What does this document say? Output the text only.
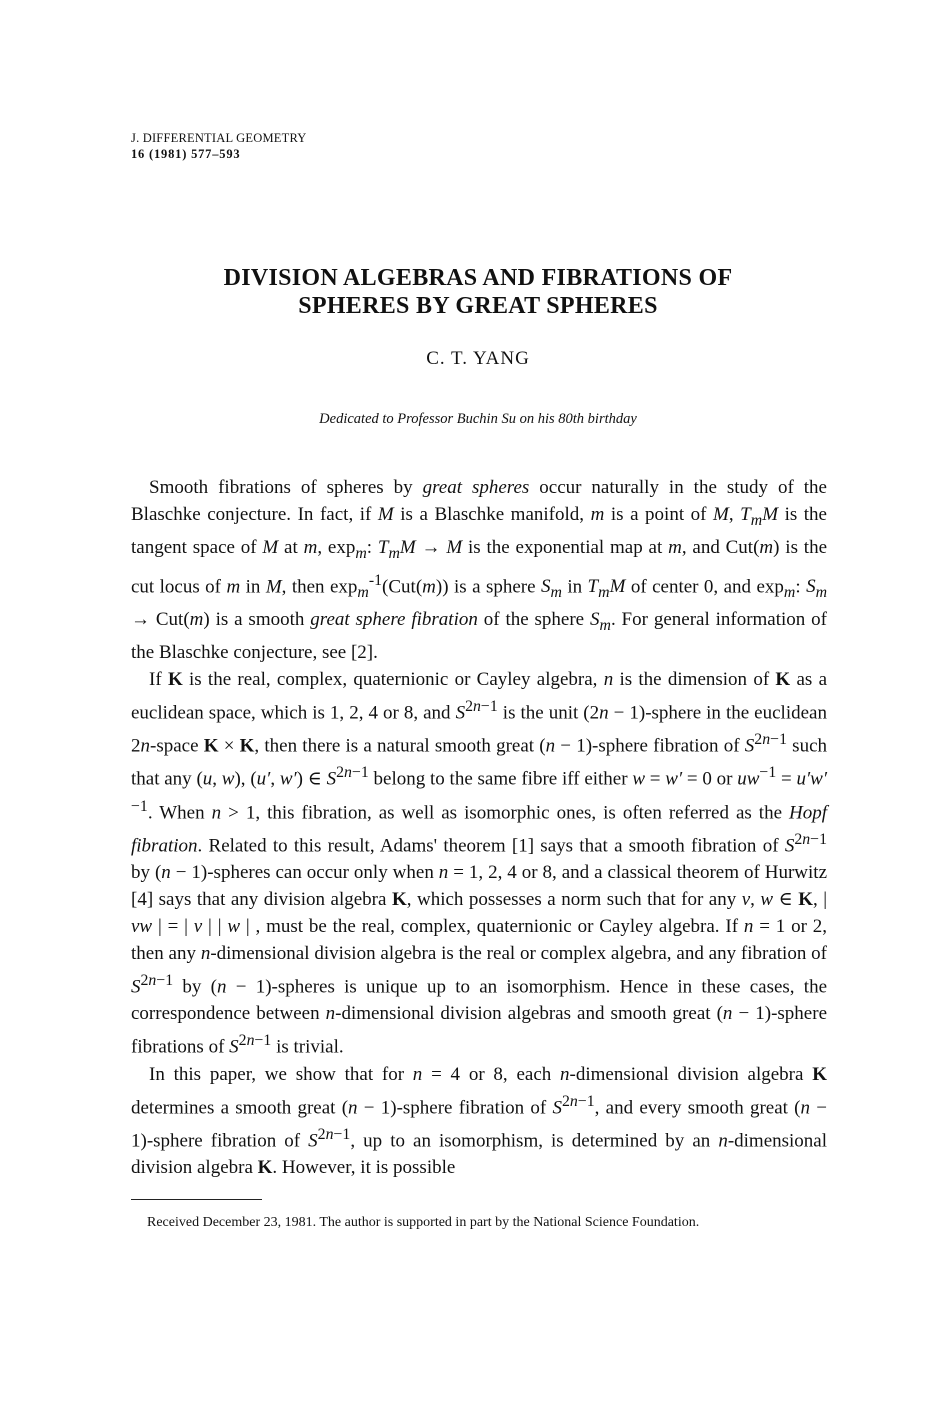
J. DIFFERENTIAL GEOMETRY
16 (1981) 577–593
DIVISION ALGEBRAS AND FIBRATIONS OF
SPHERES BY GREAT SPHERES
C. T. YANG
Dedicated to Professor Buchin Su on his 80th birthday

Smooth fibrations of spheres by great spheres occur naturally in the study of the Blaschke conjecture. In fact, if M is a Blaschke manifold, m is a point of M, $T_mM$ is the tangent space of M at m, $\exp_m$: $T_mM \to M$ is the exponential map at m, and Cut(m) is the cut locus of m in M, then $\exp_m^{-1}(Cut(m))$ is a sphere $S_m$ in $T_mM$ of center 0, and $\exp_m$: $S_m \to Cut(m)$ is a smooth great sphere fibration of the sphere $S_m$. For general information of the Blaschke conjecture, see [2].

If K is the real, complex, quaternionic or Cayley algebra, n is the dimension of K as a euclidean space, which is 1, 2, 4 or 8, and $S^{2n-1}$ is the unit (2n − 1)-sphere in the euclidean 2n-space K × K, then there is a natural smooth great (n − 1)-sphere fibration of $S^{2n-1}$ such that any (u, w), (u′, w′) ∈ $S^{2n-1}$ belong to the same fibre iff either w = w′ = 0 or $uw^{-1} = u'w'^{-1}$. When n > 1, this fibration, as well as isomorphic ones, is often referred as the Hopf fibration. Related to this result, Adams' theorem [1] says that a smooth fibration of $S^{2n-1}$ by (n − 1)-spheres can occur only when n = 1, 2, 4 or 8, and a classical theorem of Hurwitz [4] says that any division algebra K, which possesses a norm such that for any v, w ∈ K, | vw | = | v | | w | , must be the real, complex, quaternionic or Cayley algebra. If n = 1 or 2, then any n-dimensional division algebra is the real or complex algebra, and any fibration of $S^{2n-1}$ by (n − 1)-spheres is unique up to an isomorphism. Hence in these cases, the correspondence between n-dimensional division algebras and smooth great (n − 1)-sphere fibrations of $S^{2n-1}$ is trivial.

In this paper, we show that for n = 4 or 8, each n-dimensional division algebra K determines a smooth great (n − 1)-sphere fibration of $S^{2n-1}$, and every smooth great (n − 1)-sphere fibration of $S^{2n-1}$, up to an isomorphism, is determined by an n-dimensional division algebra K. However, it is possible

Received December 23, 1981. The author is supported in part by the National Science Foundation.
